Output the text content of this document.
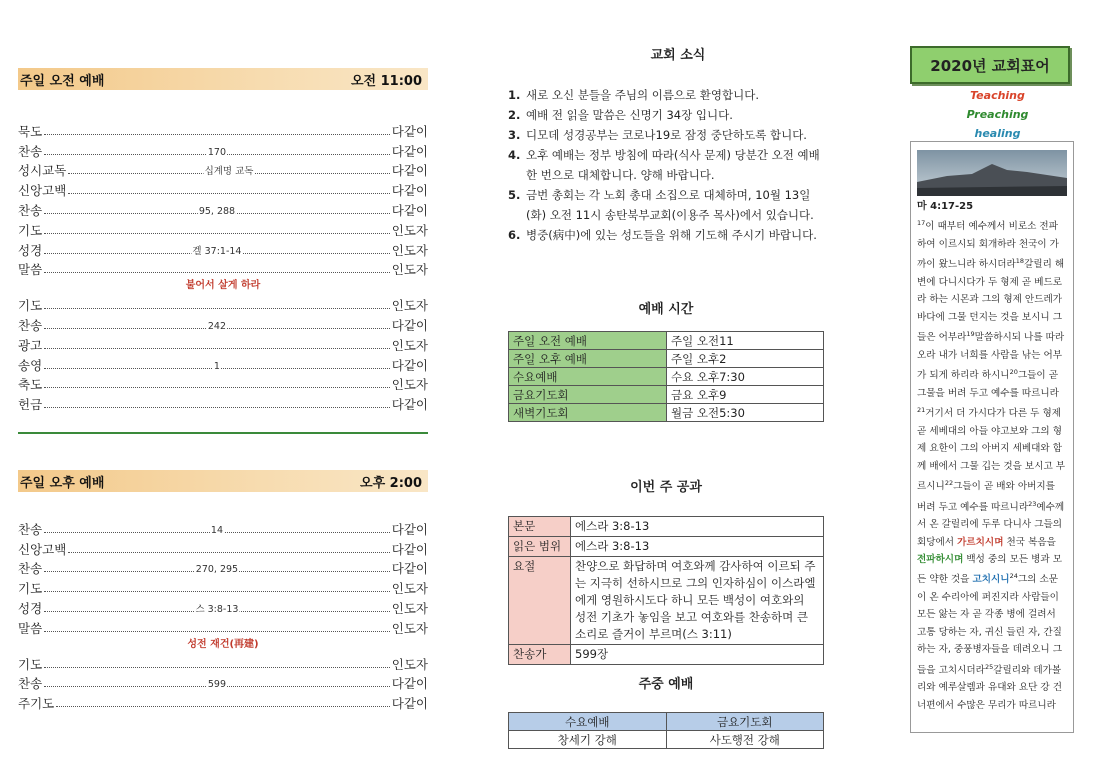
주일 오전 예배	오전 11:00
묵도	다같이
찬송	170	다같이
성시교독	십계명 교독	다같이
신앙고백	다같이
찬송	95, 288	다같이
기도	인도자
성경	겔 37:1-14	인도자
말씀	인도자
불어서 살게 하라
기도	인도자
찬송	242	다같이
광고	인도자
송영	1	다같이
축도	인도자
헌금	다같이
주일 오후 예배	오후 2:00
찬송	14	다같이
신앙고백	다같이
찬송	270, 295	다같이
기도	인도자
성경	스 3:8-13	인도자
말씀	인도자
성전 재건(再建)
기도	인도자
찬송	599	다같이
주기도	다같이
교회 소식
1. 새로 오신 분들을 주님의 이름으로 환영합니다.
2. 예배 전 읽을 말씀은 신명기 34장 입니다.
3. 디모데 성경공부는 코로나19로 잠정 중단하도록 합니다.
4. 오후 예배는 정부 방침에 따라(식사 문제) 당분간 오전 예배 한 번으로 대체합니다. 양해 바랍니다.
5. 금번 총회는 각 노회 총대 소집으로 대체하며, 10월 13일(화) 오전 11시 송탄북부교회(이용주 목사)에서 있습니다.
6. 병중(病中)에 있는 성도들을 위해 기도해 주시기 바랍니다.
예배 시간
주일 오전 예배	주일 오전11
주일 오후 예배	주일 오후2
수요예배	수요 오후7:30
금요기도회	금요 오후9
새벽기도회	월금 오전5:30
이번 주 공과
본문	에스라 3:8-13
읽은 범위	에스라 3:8-13
요절	찬양으로 화답하며 여호와께 감사하여 이르되 주는 지극히 선하시므로 그의 인자하심이 이스라엘에게 영원하시도다 하니 모든 백성이 여호와의 성전 기초가 놓임을 보고 여호와를 찬송하며 큰 소리로 즐거이 부르며(스 3:11)
찬송가	599장
주중 예배
수요예배	금요기도회
창세기 강해	사도행전 강해
2020년 교회표어
Teaching
Preaching
healing
마 4:17-25
$^{17}$이 때부터 예수께서 비로소 전파하여 이르시되 회개하라 천국이 가까이 왔느니라 하시더라$^{18}$갈릴리 해변에 다니시다가 두 형제 곧 베드로라 하는 시몬과 그의 형제 안드레가 바다에 그물 던지는 것을 보시니 그들은 어부라$^{19}$말씀하시되 나를 따라오라 내가 너희를 사람을 낚는 어부가 되게 하리라 하시니$^{20}$그들이 곧 그물을 버려 두고 예수를 따르니라$^{21}$거기서 더 가시다가 다른 두 형제 곧 세베대의 아들 야고보와 그의 형제 요한이 그의 아버지 세베대와 함께 배에서 그물 깁는 것을 보시고 부르시니$^{22}$그들이 곧 배와 아버지를 버려 두고 예수를 따르니라$^{23}$예수께서 온 갈릴리에 두루 다니사 그들의 회당에서 가르치시며 천국 복음을 전파하시며 백성 중의 모든 병과 모든 약한 것을 고치시니$^{24}$그의 소문이 온 수리아에 퍼진지라 사람들이 모든 앓는 자 곧 각종 병에 걸려서 고통 당하는 자, 귀신 들린 자, 간질하는 자, 중풍병자들을 데려오니 그들을 고치시더라$^{25}$갈릴리와 데가볼리와 예루살렘과 유대와 요단 강 건너편에서 수많은 무리가 따르니라
